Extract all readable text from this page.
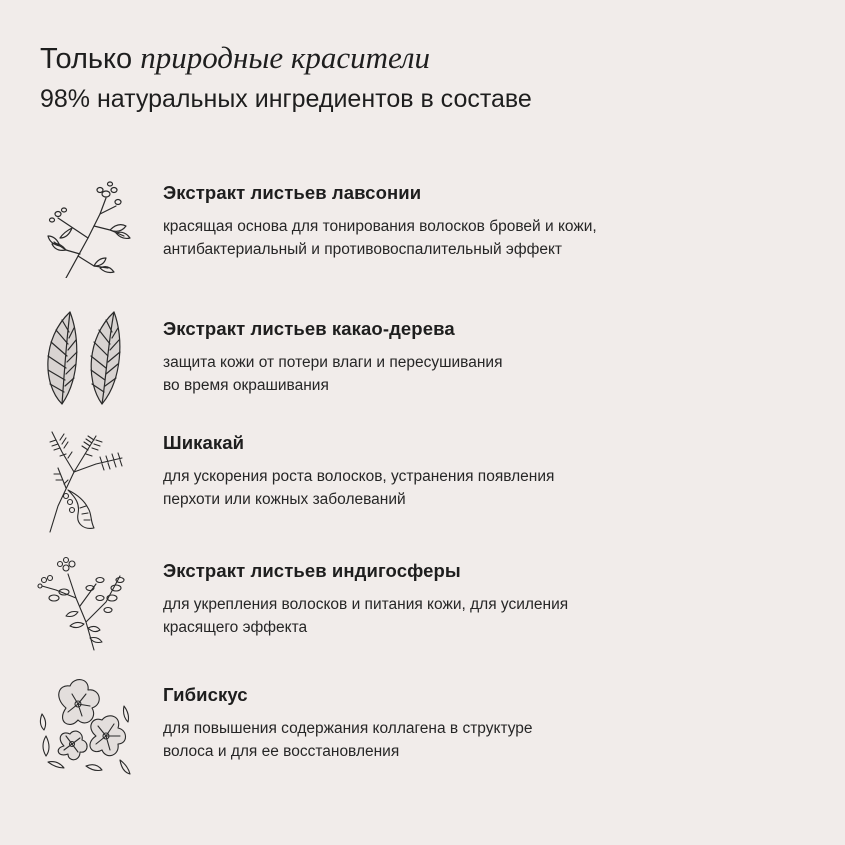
Только природные красители
98% натуральных ингредиентов в составе

Экстракт листьев лавсонии

красящая основа для тонирования волосков бровей и кожи,
антибактериальный и противовоспалительный эффект

Экстракт листьев какао-дерева

защита кожи от потери влаги и пересушивания
во время окрашивания

Шикакай

для ускорения роста волосков, устранения появления
перхоти или кожных заболеваний

Экстракт листьев индигосферы

для укрепления волосков и питания кожи, для усиления
красящего эффекта

Гибискус

для повышения содержания коллагена в структуре
волоса и для ее восстановления
